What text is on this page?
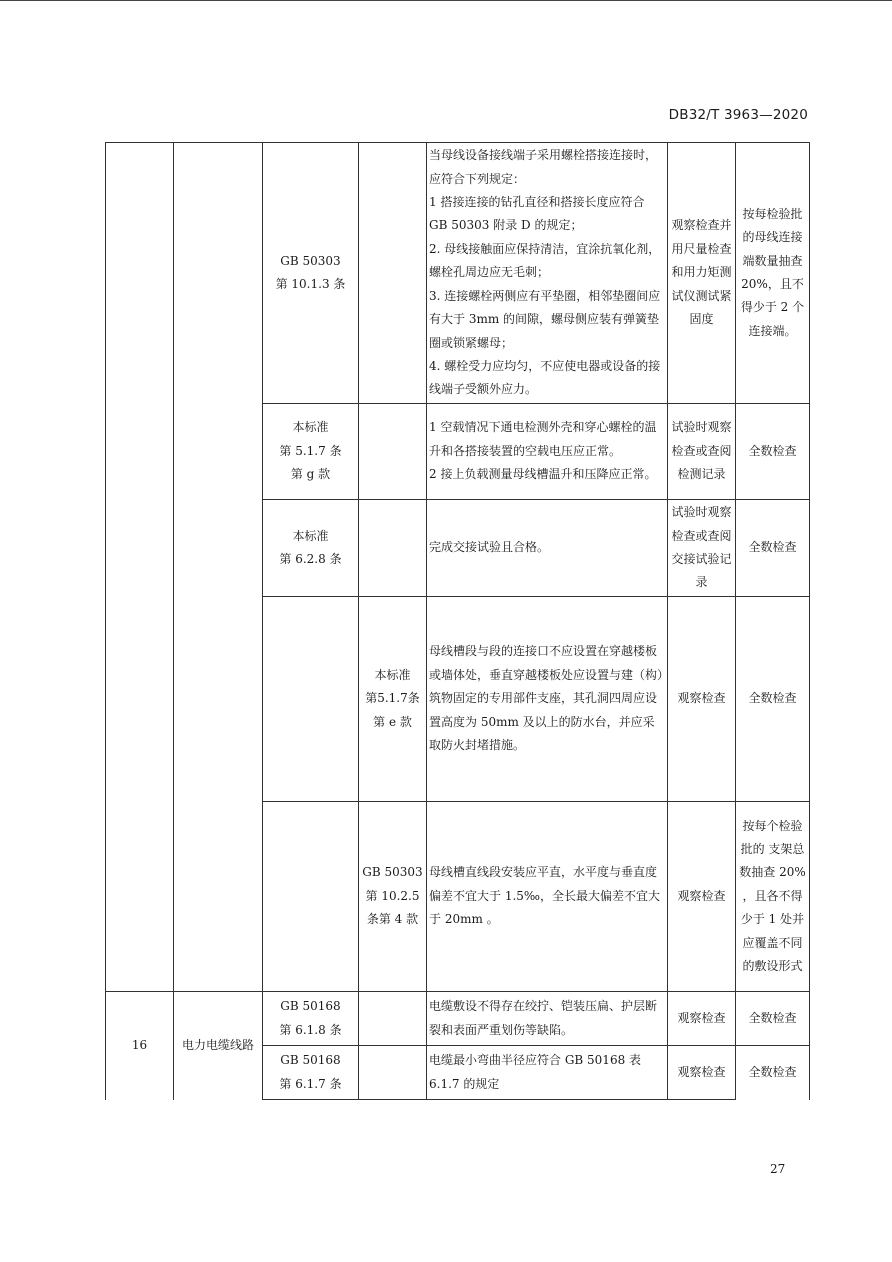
DB32/T 3963—2020

		GB 50303
第 10.1.3 条		当母线设备接线端子采用螺栓搭接连接时，应符合下列规定：
1 搭接连接的钻孔直径和搭接长度应符合 GB 50303 附录 D 的规定；
2. 母线接触面应保持清洁，宜涂抗氧化剂，螺栓孔周边应无毛刺；
3. 连接螺栓两侧应有平垫圈，相邻垫圈间应有大于 3mm 的间隙，螺母侧应装有弹簧垫圈或锁紧螺母；
4. 螺栓受力应均匀，不应使电器或设备的接线端子受额外应力。	观察检查并用尺量检查和用力矩测试仪测试紧固度	按每检验批的母线连接端数量抽查 20%，且不得少于 2 个连接端。

		本标准
第 5.1.7 条
第 g 款		1 空载情况下通电检测外壳和穿心螺栓的温升和各搭接装置的空载电压应正常。
2 接上负载测量母线槽温升和压降应正常。	试验时观察检查或查阅检测记录	全数检查

		本标准
第 6.2.8 条		完成交接试验且合格。	试验时观察检查或查阅交接试验记录	全数检查

			本标准
第5.1.7条
第 e 款	母线槽段与段的连接口不应设置在穿越楼板或墙体处，垂直穿越楼板处应设置与建（构）筑物固定的专用部件支座，其孔洞四周应设置高度为 50mm 及以上的防水台，并应采取防火封堵措施。	观察检查	全数检查

			GB 50303
第 10.2.5
条第 4 款	母线槽直线段安装应平直，水平度与垂直度偏差不宜大于 1.5‰，全长最大偏差不宜大于 20mm 。	观察检查	按每个检验批的 支架总数抽查 20% ，且各不得少于 1 处并应覆盖不同的敷设形式
16	电力电缆线路	GB 50168
第 6.1.8 条		电缆敷设不得存在绞拧、铠装压扁、护层断裂和表面严重划伤等缺陷。	观察检查	全数检查

		GB 50168
第 6.1.7 条		电缆最小弯曲半径应符合 GB 50168 表 6.1.7 的规定	观察检查	全数检查
27
